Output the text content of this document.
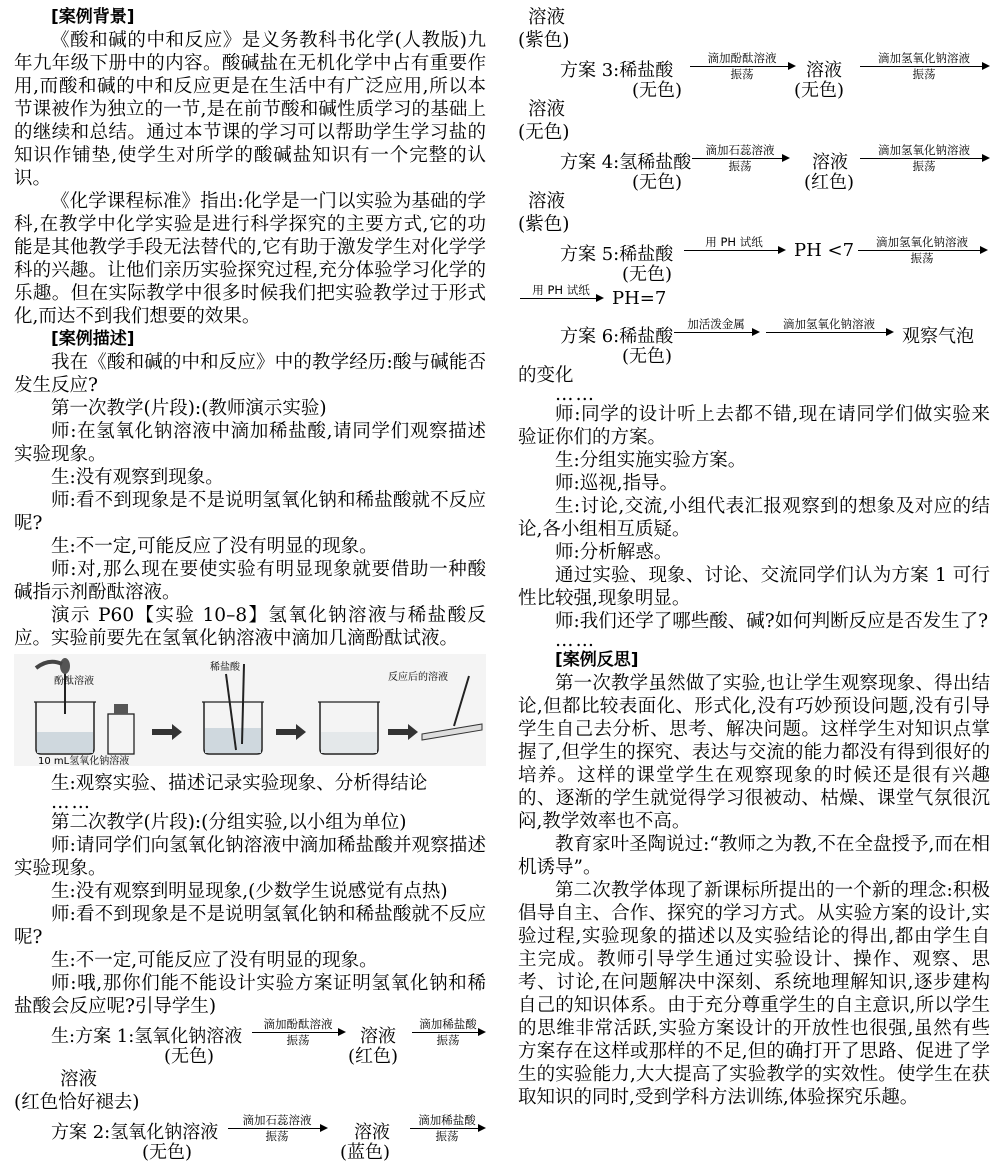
[案例背景]

《酸和碱的中和反应》是义务教科书化学(人教版)九年九年级下册中的内容。酸碱盐在无机化学中占有重要作用,而酸和碱的中和反应更是在生活中有广泛应用,所以本节课被作为独立的一节,是在前节酸和碱性质学习的基础上的继续和总结。通过本节课的学习可以帮助学生学习盐的知识作铺垫,使学生对所学的酸碱盐知识有一个完整的认识。

《化学课程标准》指出:化学是一门以实验为基础的学科,在教学中化学实验是进行科学探究的主要方式,它的功能是其他教学手段无法替代的,它有助于激发学生对化学学科的兴趣。让他们亲历实验探究过程,充分体验学习化学的乐趣。但在实际教学中很多时候我们把实验教学过于形式化,而达不到我们想要的效果。

[案例描述]

我在《酸和碱的中和反应》中的教学经历:酸与碱能否发生反应?

第一次教学(片段):(教师演示实验)

师:在氢氧化钠溶液中滴加稀盐酸,请同学们观察描述实验现象。

生:没有观察到现象。

师:看不到现象是不是说明氢氧化钠和稀盐酸就不反应呢?

生:不一定,可能反应了没有明显的现象。

师:对,那么现在要使实验有明显现象就要借助一种酸碱指示剂酚酞溶液。

演示 P60【实验 10–8】氢氧化钠溶液与稀盐酸反应。实验前要先在氢氧化钠溶液中滴加几滴酚酞试液。

酚酞溶液
稀盐酸
反应后的溶液
10 mL氢氧化钠溶液

生:观察实验、描述记录实验现象、分析得结论

……

第二次教学(片段):(分组实验,以小组为单位)

师:请同学们向氢氧化钠溶液中滴加稀盐酸并观察描述实验现象。

生:没有观察到明显现象,(少数学生说感觉有点热)

师:看不到现象是不是说明氢氧化钠和稀盐酸就不反应呢?

生:不一定,可能反应了没有明显的现象。

师:哦,那你们能不能设计实验方案证明氢氧化钠和稀盐酸会反应呢?引导学生)

生:方案 1:氢氧化钠溶液
(无色)
滴加酚酞溶液
振荡	溶液
(红色)
滴加稀盐酸
振荡

溶液

(红色恰好褪去)

方案 2:氢氧化钠溶液
(无色)
滴加石蕊溶液
振荡	溶液
(蓝色)
滴加稀盐酸
振荡

溶液

(紫色)

方案 3:稀盐酸
(无色)
滴加酚酞溶液
振荡	溶液
(无色)
滴加氢氧化钠溶液
振荡

溶液

(无色)

方案 4:氢稀盐酸
(无色)
滴加石蕊溶液
振荡	溶液
(红色)
滴加氢氧化钠溶液
振荡

溶液

(紫色)

方案 5:稀盐酸
(无色)
用 PH 试纸	PH <7	滴加氢氧化钠溶液
振荡
用 PH 试纸	PH=7
方案 6:稀盐酸
(无色)
加活泼金属	滴加氢氧化钠溶液
观察气泡

的变化

……

师:同学的设计听上去都不错,现在请同学们做实验来验证你们的方案。

生:分组实施实验方案。

师:巡视,指导。

生:讨论,交流,小组代表汇报观察到的想象及对应的结论,各小组相互质疑。

师:分析解惑。

通过实验、现象、讨论、交流同学们认为方案 1 可行性比较强,现象明显。

师:我们还学了哪些酸、碱?如何判断反应是否发生了?

……
[案例反思]

第一次教学虽然做了实验,也让学生观察现象、得出结论,但都比较表面化、形式化,没有巧妙预设问题,没有引导学生自己去分析、思考、解决问题。这样学生对知识点掌握了,但学生的探究、表达与交流的能力都没有得到很好的培养。这样的课堂学生在观察现象的时候还是很有兴趣的、逐渐的学生就觉得学习很被动、枯燥、课堂气氛很沉闷,教学效率也不高。

教育家叶圣陶说过:“教师之为教,不在全盘授予,而在相机诱导”。

第二次教学体现了新课标所提出的一个新的理念:积极倡导自主、合作、探究的学习方式。从实验方案的设计,实验过程,实验现象的描述以及实验结论的得出,都由学生自主完成。教师引导学生通过实验设计、操作、观察、思考、讨论,在问题解决中深刻、系统地理解知识,逐步建构自己的知识体系。由于充分尊重学生的自主意识,所以学生的思维非常活跃,实验方案设计的开放性也很强,虽然有些方案存在这样或那样的不足,但的确打开了思路、促进了学生的实验能力,大大提高了实验教学的实效性。使学生在获取知识的同时,受到学科方法训练,体验探究乐趣。
